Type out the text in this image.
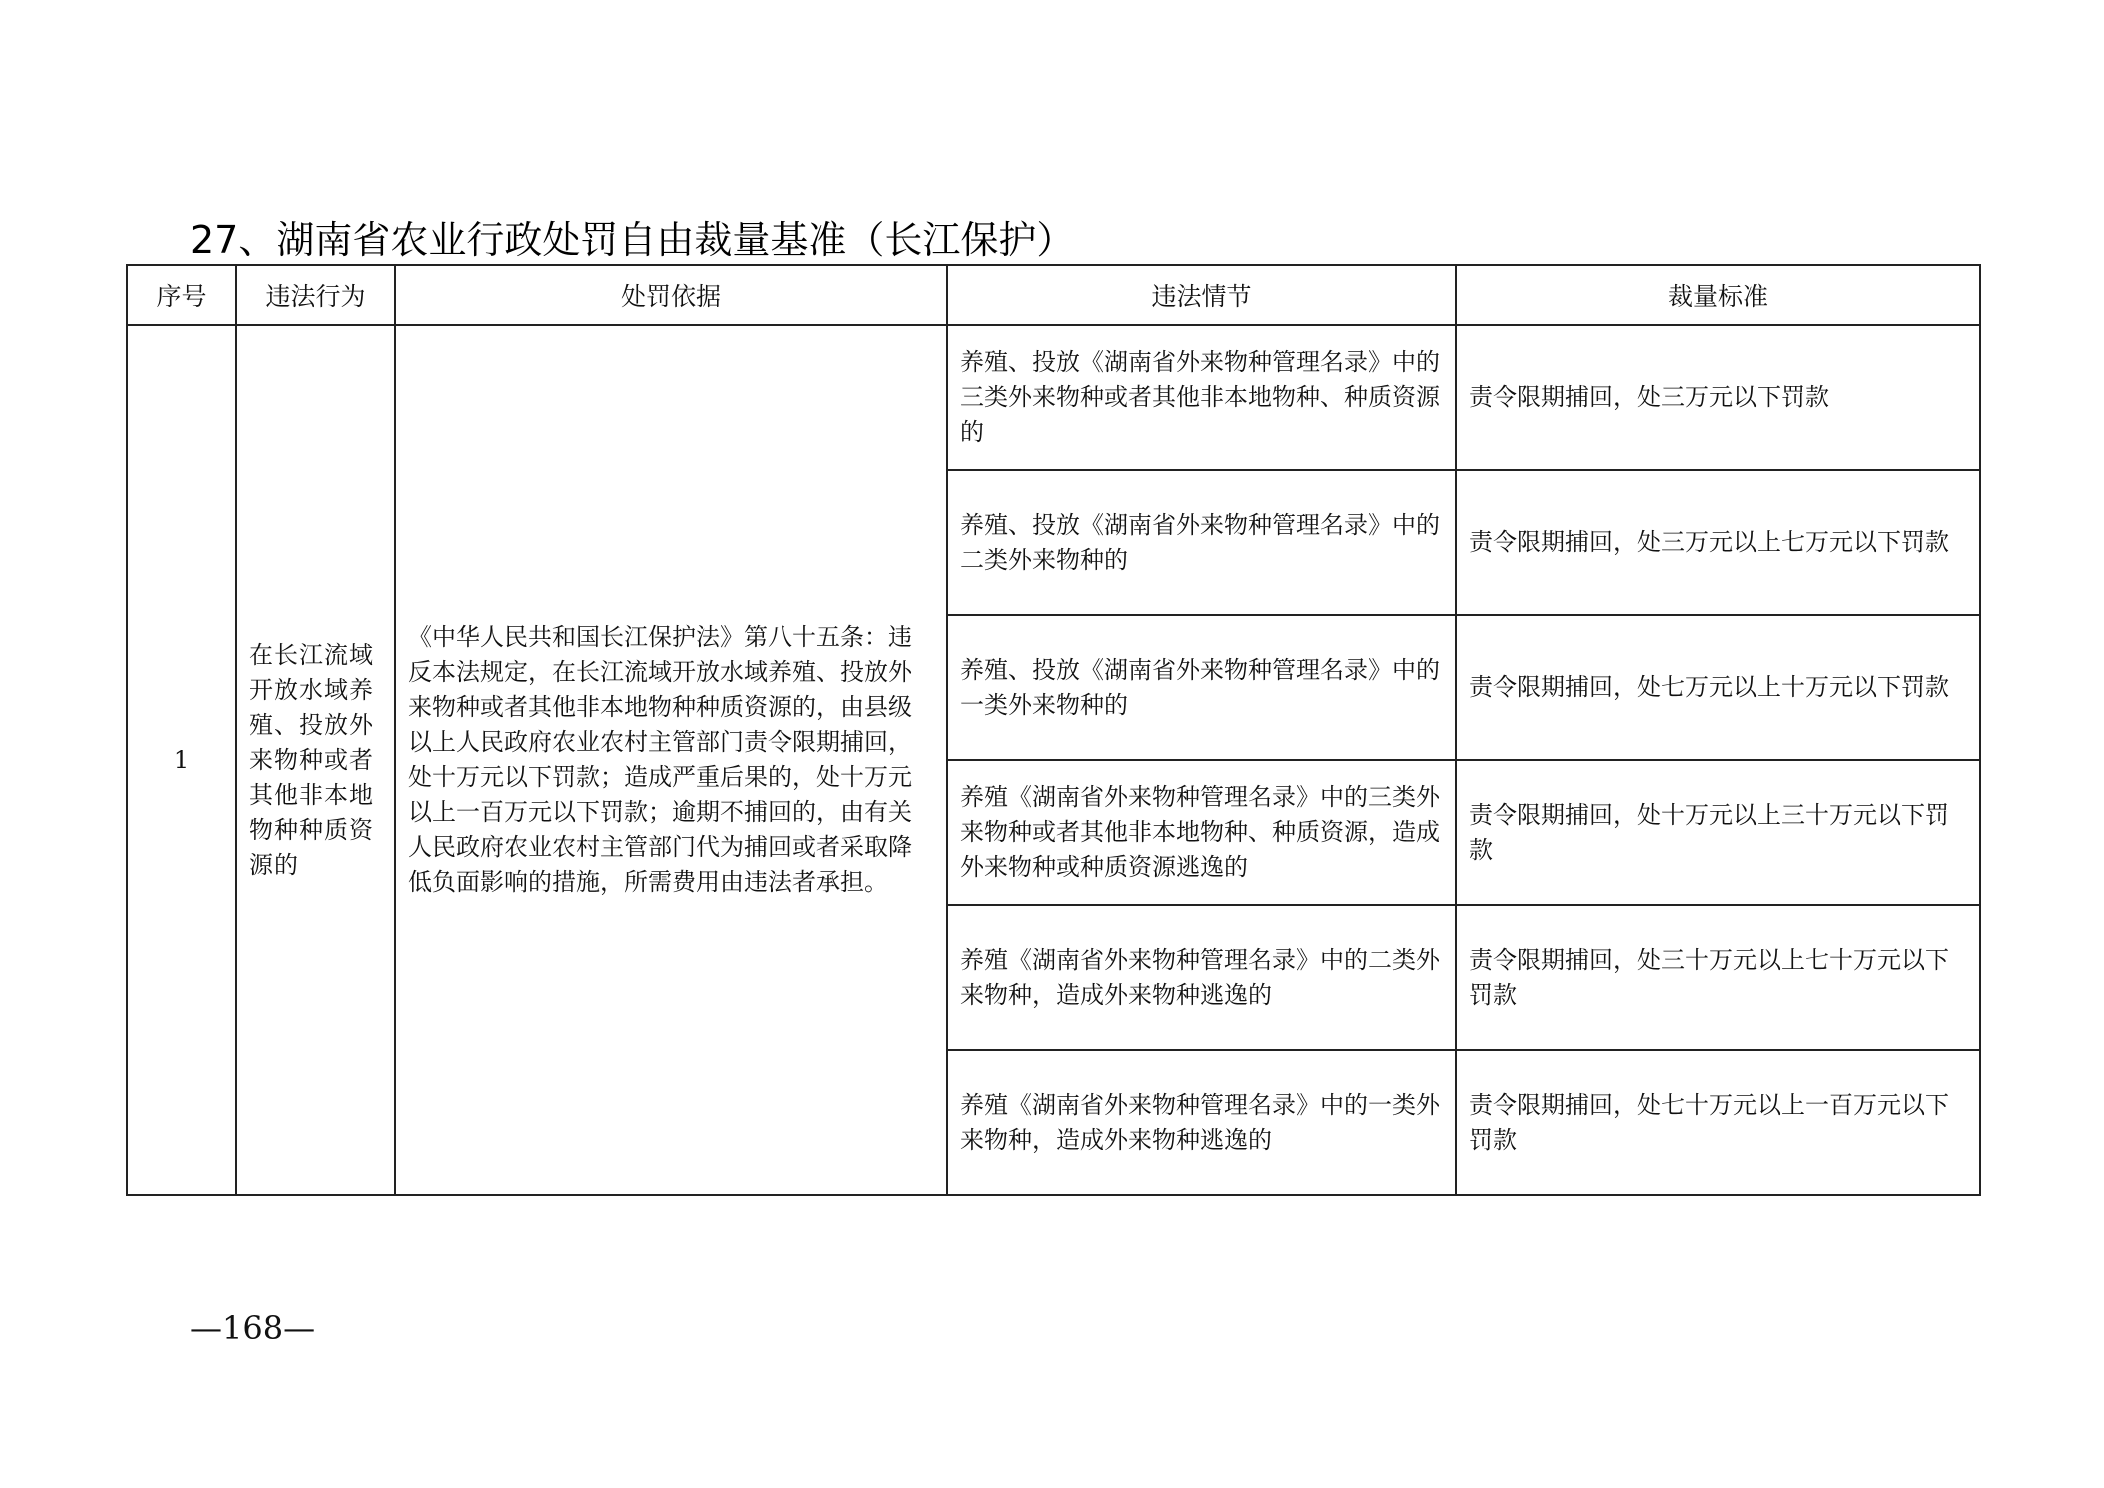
27、湖南省农业行政处罚自由裁量基准（长江保护）
序号	违法行为	处罚依据	违法情节	裁量标准
1	在长江流域开放水域养殖、投放外来物种或者其他非本地物种种质资源的	《中华人民共和国长江保护法》第八十五条：违反本法规定，在长江流域开放水域养殖、投放外来物种或者其他非本地物种种质资源的，由县级以上人民政府农业农村主管部门责令限期捕回，处十万元以下罚款；造成严重后果的，处十万元以上一百万元以下罚款；逾期不捕回的，由有关人民政府农业农村主管部门代为捕回或者采取降低负面影响的措施，所需费用由违法者承担。	养殖、投放《湖南省外来物种管理名录》中的三类外来物种或者其他非本地物种、种质资源的	责令限期捕回，处三万元以下罚款
			养殖、投放《湖南省外来物种管理名录》中的二类外来物种的	责令限期捕回，处三万元以上七万元以下罚款
			养殖、投放《湖南省外来物种管理名录》中的一类外来物种的	责令限期捕回，处七万元以上十万元以下罚款
			养殖《湖南省外来物种管理名录》中的三类外来物种或者其他非本地物种、种质资源，造成外来物种或种质资源逃逸的	责令限期捕回，处十万元以上三十万元以下罚款
			养殖《湖南省外来物种管理名录》中的二类外来物种，造成外来物种逃逸的	责令限期捕回，处三十万元以上七十万元以下罚款
			养殖《湖南省外来物种管理名录》中的一类外来物种，造成外来物种逃逸的	责令限期捕回，处七十万元以上一百万元以下罚款
—168—
